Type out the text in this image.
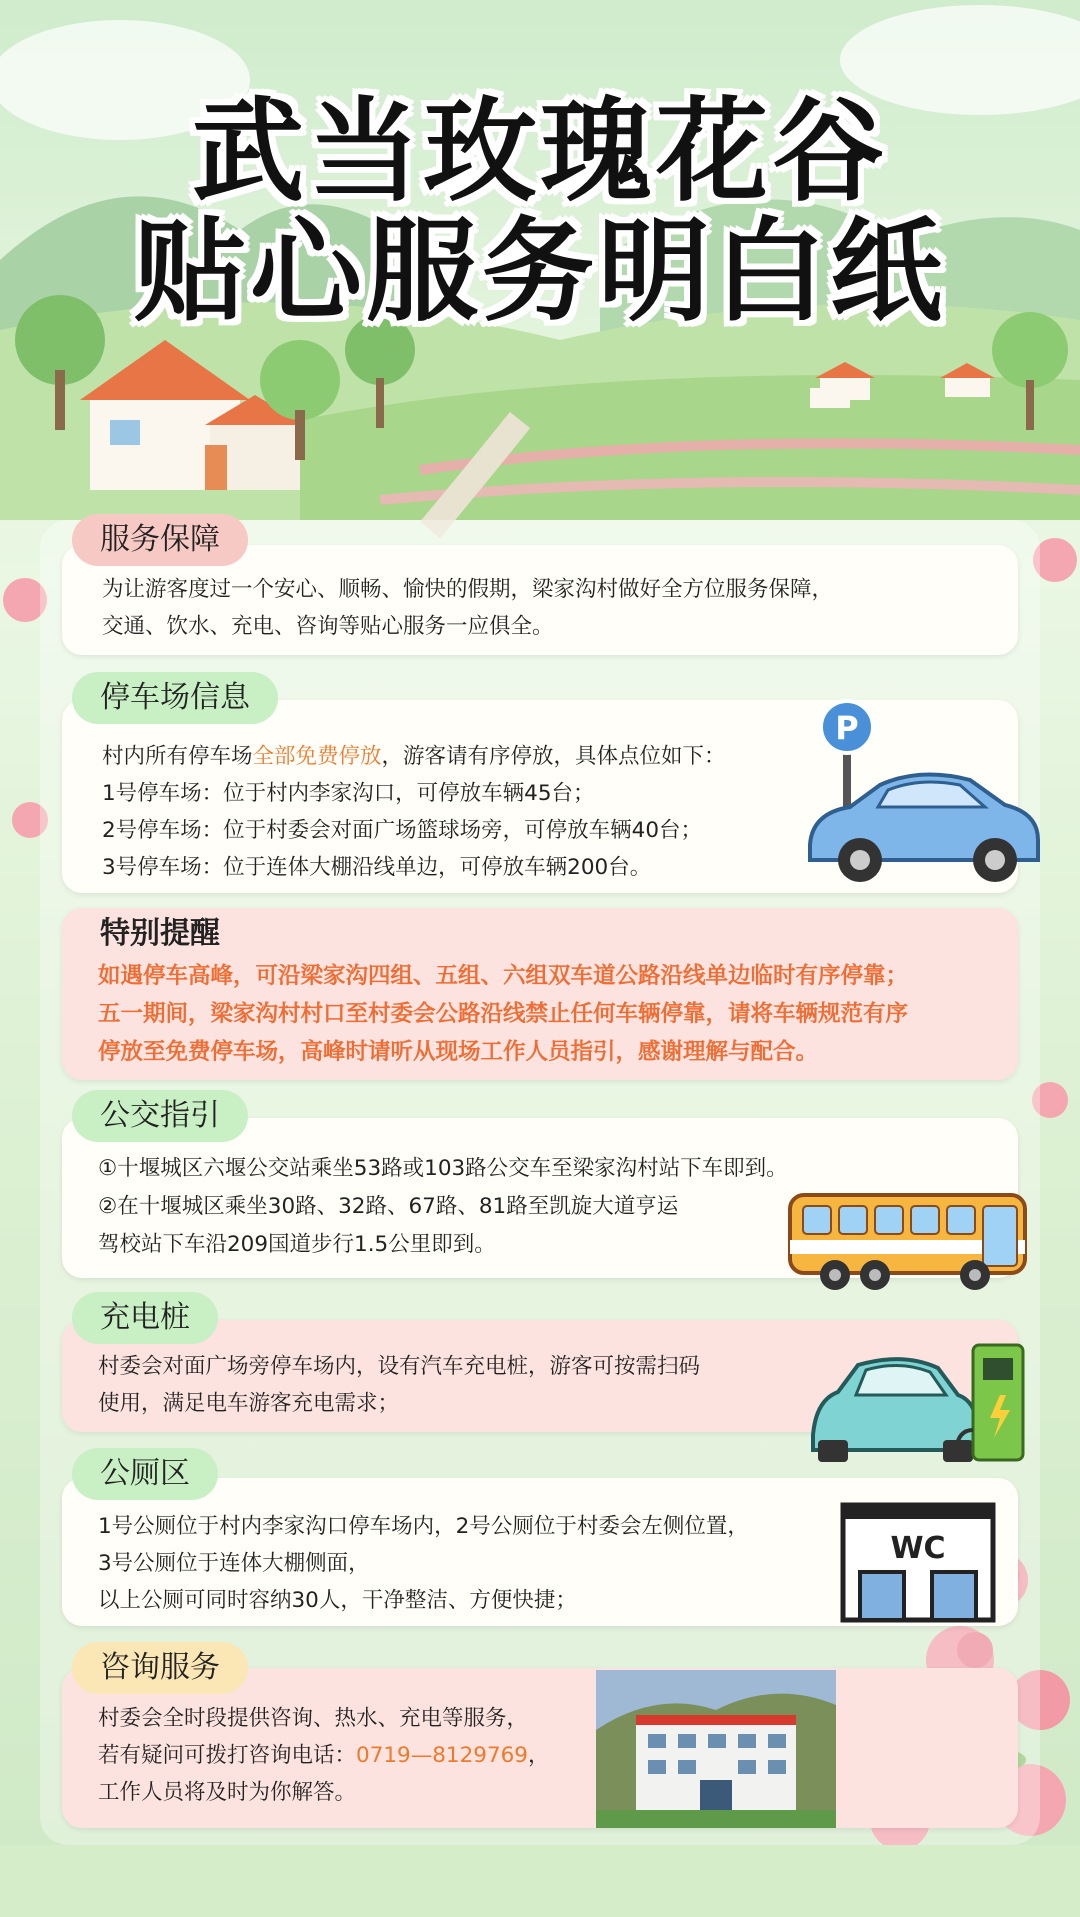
武当玫瑰花谷
贴心服务明白纸
为让游客度过一个安心、顺畅、愉快的假期，梁家沟村做好全方位服务保障，
交通、饮水、充电、咨询等贴心服务一应俱全。
服务保障
村内所有停车场全部免费停放，游客请有序停放，具体点位如下：
1号停车场：位于村内李家沟口，可停放车辆45台；
2号停车场：位于村委会对面广场篮球场旁，可停放车辆40台；
3号停车场：位于连体大棚沿线单边，可停放车辆200台。
停车场信息
P
如遇停车高峰，可沿梁家沟四组、五组、六组双车道公路沿线单边临时有序停靠；
五一期间，梁家沟村村口至村委会公路沿线禁止任何车辆停靠，请将车辆规范有序
停放至免费停车场，高峰时请听从现场工作人员指引，感谢理解与配合。
特别提醒
①十堰城区六堰公交站乘坐53路或103路公交车至梁家沟村站下车即到。
②在十堰城区乘坐30路、32路、67路、81路至凯旋大道亨运
驾校站下车沿209国道步行1.5公里即到。
公交指引
村委会对面广场旁停车场内，设有汽车充电桩，游客可按需扫码
使用，满足电车游客充电需求；
充电桩
1号公厕位于村内李家沟口停车场内，2号公厕位于村委会左侧位置，
3号公厕位于连体大棚侧面，
以上公厕可同时容纳30人，干净整洁、方便快捷；
公厕区
WC
村委会全时段提供咨询、热水、充电等服务，
若有疑问可拨打咨询电话：0719—8129769，
工作人员将及时为你解答。
咨询服务
